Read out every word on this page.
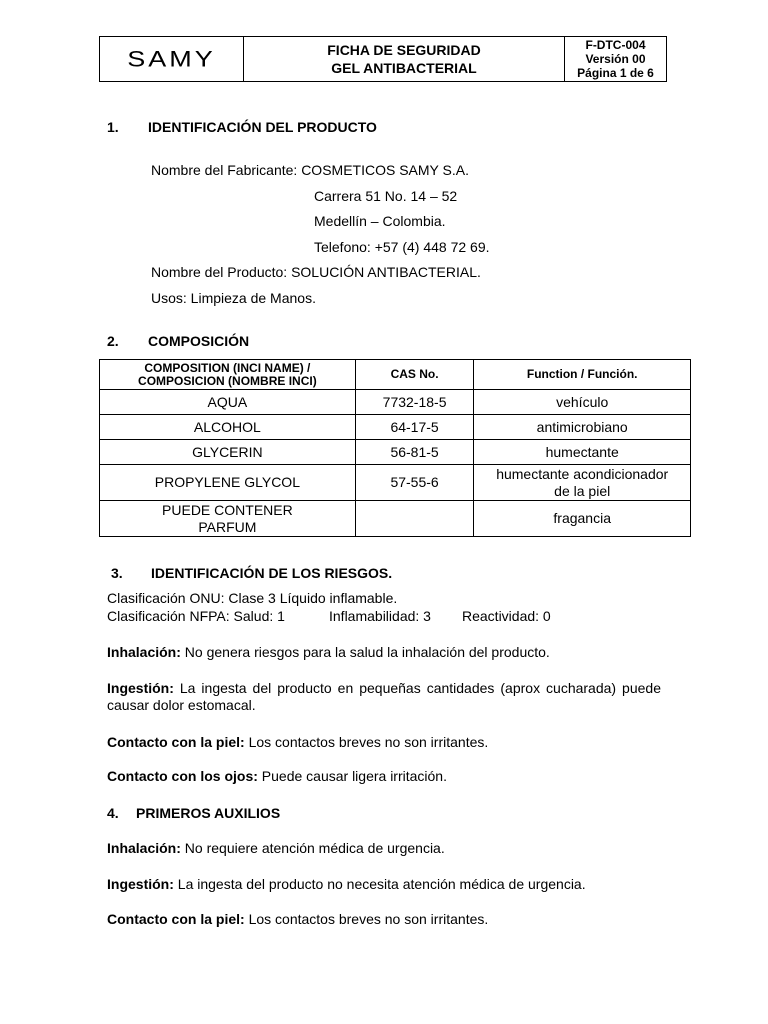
SAMY	FICHA DE SEGURIDAD
GEL ANTIBACTERIAL
F-DTC-004
Versión 00
Página 1 de 6
1. IDENTIFICACIÓN DEL PRODUCTO
Nombre del Fabricante: COSMETICOS SAMY S.A.
Carrera 51 No. 14 – 52
Medellín – Colombia.
Telefono: +57 (4) 448 72 69.
Nombre del Producto: SOLUCIÓN ANTIBACTERIAL.
Usos: Limpieza de Manos.
2. COMPOSICIÓN
COMPOSITION (INCI NAME) / COMPOSICION (NOMBRE INCI)	CAS No.	Function / Función.
AQUA	7732-18-5	vehículo
ALCOHOL	64-17-5	antimicrobiano
GLYCERIN	56-81-5	humectante
PROPYLENE GLYCOL	57-55-6	humectante acondicionador de la piel
PUEDE CONTENER PARFUM		fragancia
3. IDENTIFICACIÓN DE LOS RIESGOS.
Clasificación ONU: Clase 3 Líquido inflamable.
Clasificación NFPA: Salud: 1	Inflamabilidad: 3 Reactividad: 0
Inhalación: No genera riesgos para la salud la inhalación del producto.
Ingestión: La ingesta del producto en pequeñas cantidades (aprox cucharada) puede causar dolor estomacal.
Contacto con la piel: Los contactos breves no son irritantes.
Contacto con los ojos: Puede causar ligera irritación.
4. PRIMEROS AUXILIOS
Inhalación: No requiere atención médica de urgencia.
Ingestión: La ingesta del producto no necesita atención médica de urgencia.
Contacto con la piel: Los contactos breves no son irritantes.
